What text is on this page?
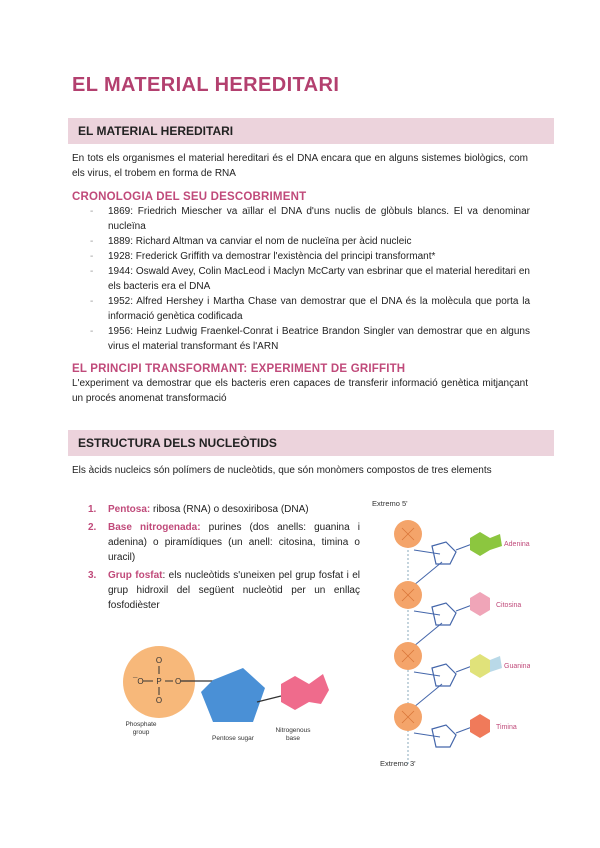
EL MATERIAL HEREDITARI
EL MATERIAL HEREDITARI

En tots els organismes el material hereditari és el DNA encara que en alguns sistemes biològics, com els virus, el trobem en forma de RNA

CRONOLOGIA DEL SEU DESCOBRIMENT
- 1869: Friedrich Miescher va aïllar el DNA d'uns nuclis de glòbuls blancs. El va denominar nucleïna
- 1889: Richard Altman va canviar el nom de nucleïna per àcid nucleic
- 1928: Frederick Griffith va demostrar l'existència del principi transformant*
- 1944: Oswald Avey, Colin MacLeod i Maclyn McCarty van esbrinar que el material hereditari en els bacteris era el DNA
- 1952: Alfred Hershey i Martha Chase van demostrar que el DNA és la molècula que porta la informació genètica codificada
- 1956: Heinz Ludwig Fraenkel-Conrat i Beatrice Brandon Singler van demostrar que en alguns virus el material transformant és l'ARN
EL PRINCIPI TRANSFORMANT: EXPERIMENT DE GRIFFITH

L'experiment va demostrar que els bacteris eren capaces de transferir informació genètica mitjançant un procés anomenat transformació

ESTRUCTURA DELS NUCLEÒTIDS

Els àcids nucleics són polímers de nucleòtids, que són monòmers compostos de tres elements

1. Pentosa: ribosa (RNA) o desoxiribosa (DNA)
2. Base nitrogenada: purines (dos anells: guanina i adenina) o piramídiques (un anell: citosina, timina o uracil)
3. Grup fosfat: els nucleòtids s'uneixen pel grup fosfat i el grup hidroxil del següent nucleòtid per un enllaç fosfodièster
O
¯O P O
O
Phosphate
group
Pentose sugar
Nitrogenous
base
Extremo 5'
Extremo 3'
Adenina
Citosina
Guanina
Timina
